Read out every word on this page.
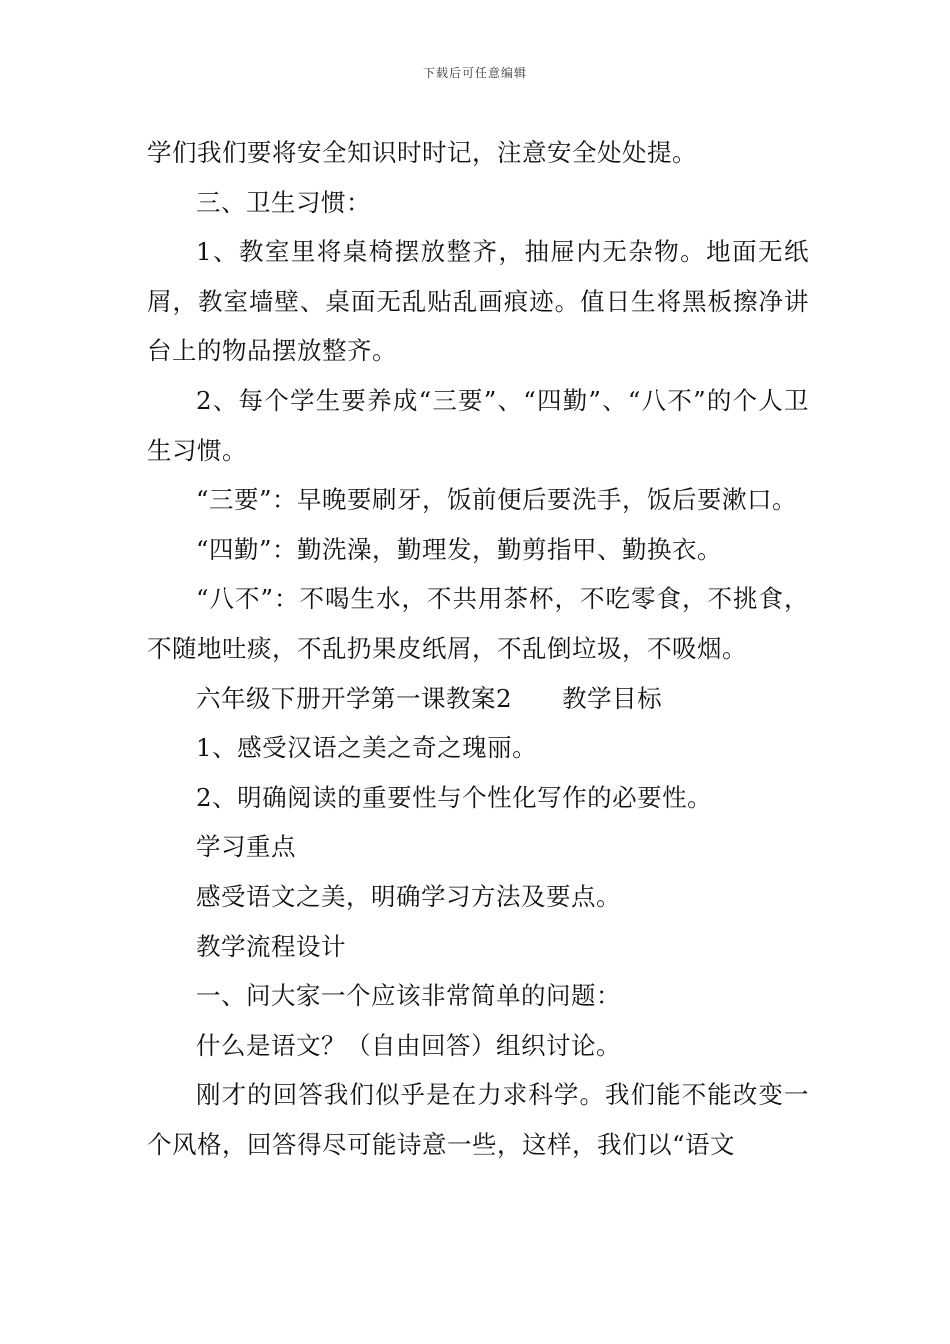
下载后可任意编辑

学们我们要将安全知识时时记，注意安全处处提。

三、卫生习惯：

1、教室里将桌椅摆放整齐，抽屉内无杂物。地面无纸屑，教室墙壁、桌面无乱贴乱画痕迹。值日生将黑板擦净讲台上的物品摆放整齐。

2、每个学生要养成“三要”、“四勤”、“八不”的个人卫生习惯。

“三要”：早晚要刷牙，饭前便后要洗手，饭后要漱口。

“四勤”：勤洗澡，勤理发，勤剪指甲、勤换衣。

“八不”：不喝生水，不共用茶杯，不吃零食，不挑食，不随地吐痰，不乱扔果皮纸屑，不乱倒垃圾，不吸烟。

六年级下册开学第一课教案2　　教学目标

1、感受汉语之美之奇之瑰丽。

2、明确阅读的重要性与个性化写作的必要性。

学习重点

感受语文之美，明确学习方法及要点。

教学流程设计

一、问大家一个应该非常简单的问题：

什么是语文？（自由回答）组织讨论。

刚才的回答我们似乎是在力求科学。我们能不能改变一个风格，回答得尽可能诗意一些，这样，我们以“语文
